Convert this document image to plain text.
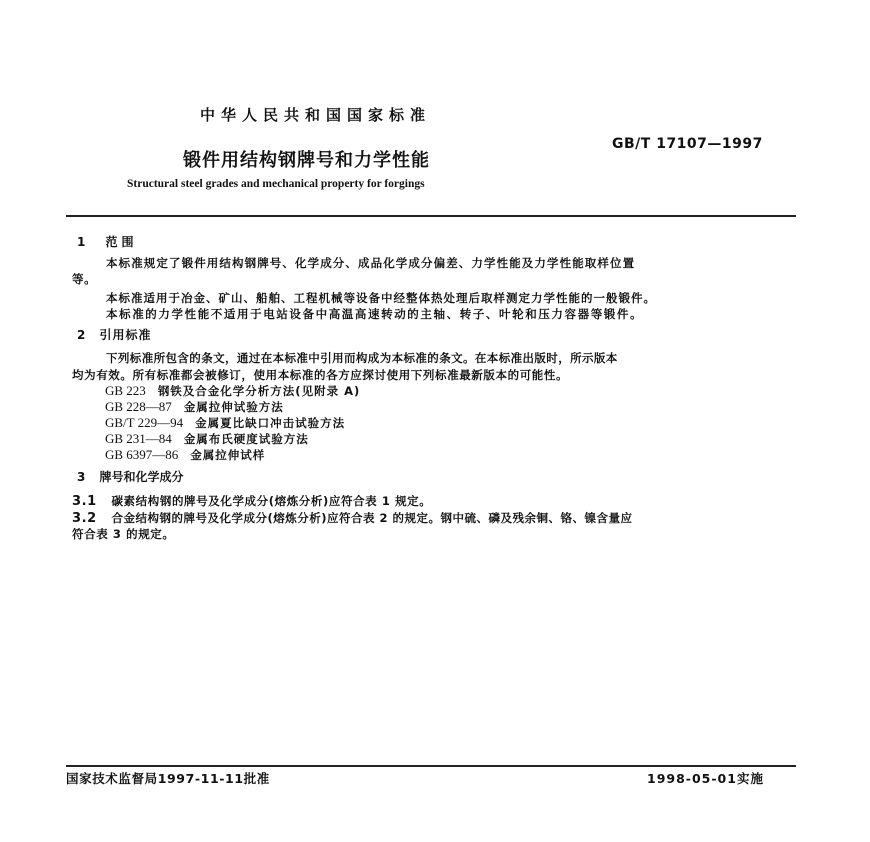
中华人民共和国国家标准
GB/T 17107—1997
锻件用结构钢牌号和力学性能
Structural steel grades and mechanical property for forgings
1 范围
本标准规定了锻件用结构钢牌号、化学成分、成品化学成分偏差、力学性能及力学性能取样位置
等。
本标准适用于冶金、矿山、船舶、工程机械等设备中经整体热处理后取样测定力学性能的一般锻件。
本标准的力学性能不适用于电站设备中高温高速转动的主轴、转子、叶轮和压力容器等锻件。
2 引用标准
下列标准所包含的条文，通过在本标准中引用而构成为本标准的条文。在本标准出版时，所示版本
均为有效。所有标准都会被修订，使用本标准的各方应探讨使用下列标准最新版本的可能性。
GB 223 钢铁及合金化学分析方法(见附录 A)
GB 228—87 金属拉伸试验方法
GB/T 229—94 金属夏比缺口冲击试验方法
GB 231—84 金属布氏硬度试验方法
GB 6397—86 金属拉伸试样
3 牌号和化学成分
3.1 碳素结构钢的牌号及化学成分(熔炼分析)应符合表 1 规定。
3.2 合金结构钢的牌号及化学成分(熔炼分析)应符合表 2 的规定。钢中硫、磷及残余铜、铬、镍含量应
符合表 3 的规定。
国家技术监督局1997-11-11批准	1998-05-01实施
